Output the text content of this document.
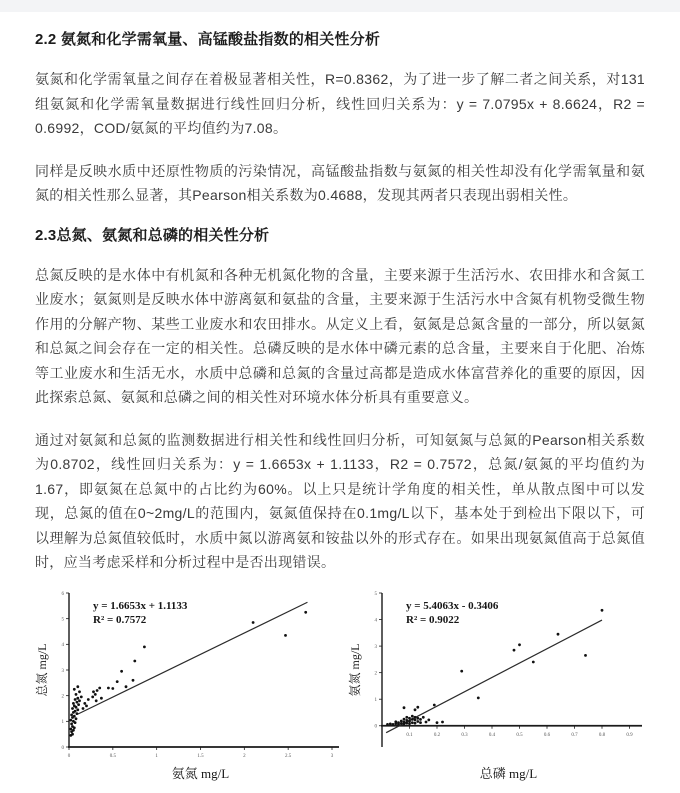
2.2 氨氮和化学需氧量、高锰酸盐指数的相关性分析

氨氮和化学需氧量之间存在着极显著相关性，R=0.8362，为了进一步了解二者之间关系，对131组氨氮和化学需氧量数据进行线性回归分析，线性回归关系为：y = 7.0795x + 8.6624，R2 = 0.6992，COD/氨氮的平均值约为7.08。

同样是反映水质中还原性物质的污染情况，高锰酸盐指数与氨氮的相关性却没有化学需氧量和氨氮的相关性那么显著，其Pearson相关系数为0.4688，发现其两者只表现出弱相关性。

2.3总氮、氨氮和总磷的相关性分析

总氮反映的是水体中有机氮和各种无机氮化物的含量，主要来源于生活污水、农田排水和含氮工业废水；氨氮则是反映水体中游离氨和氨盐的含量，主要来源于生活污水中含氮有机物受微生物作用的分解产物、某些工业废水和农田排水。从定义上看，氨氮是总氮含量的一部分，所以氨氮和总氮之间会存在一定的相关性。总磷反映的是水体中磷元素的总含量，主要来自于化肥、冶炼等工业废水和生活无水，水质中总磷和总氮的含量过高都是造成水体富营养化的重要的原因，因此探索总氮、氨氮和总磷之间的相关性对环境水体分析具有重要意义。

通过对氨氮和总氮的监测数据进行相关性和线性回归分析，可知氨氮与总氮的Pearson相关系数为0.8702，线性回归关系为：y = 1.6653x + 1.1133，R2 = 0.7572，总氮/氨氮的平均值约为1.67，即氨氮在总氮中的占比约为60%。以上只是统计学角度的相关性，单从散点图中可以发现，总氮的值在0~2mg/L的范围内，氨氮值保持在0.1mg/L以下，基本处于到检出下限以下，可以理解为总氮值较低时，水质中氮以游离氨和铵盐以外的形式存在。如果出现氨氮值高于总氮值时，应当考虑采样和分析过程中是否出现错误。

0	0.5	1	1.5	2	2.5	3
0
1
2
3
4
5
6
y = 1.6653x + 1.1133
R² = 0.7572
氨氮 mg/L
总氮 mg/L
0.1	0.2	0.3	0.4	0.5	0.6	0.7	0.8	0.9
0
1
2
3
4
5
y = 5.4063x - 0.3406
R² = 0.9022
总磷 mg/L
氨氮 mg/L
